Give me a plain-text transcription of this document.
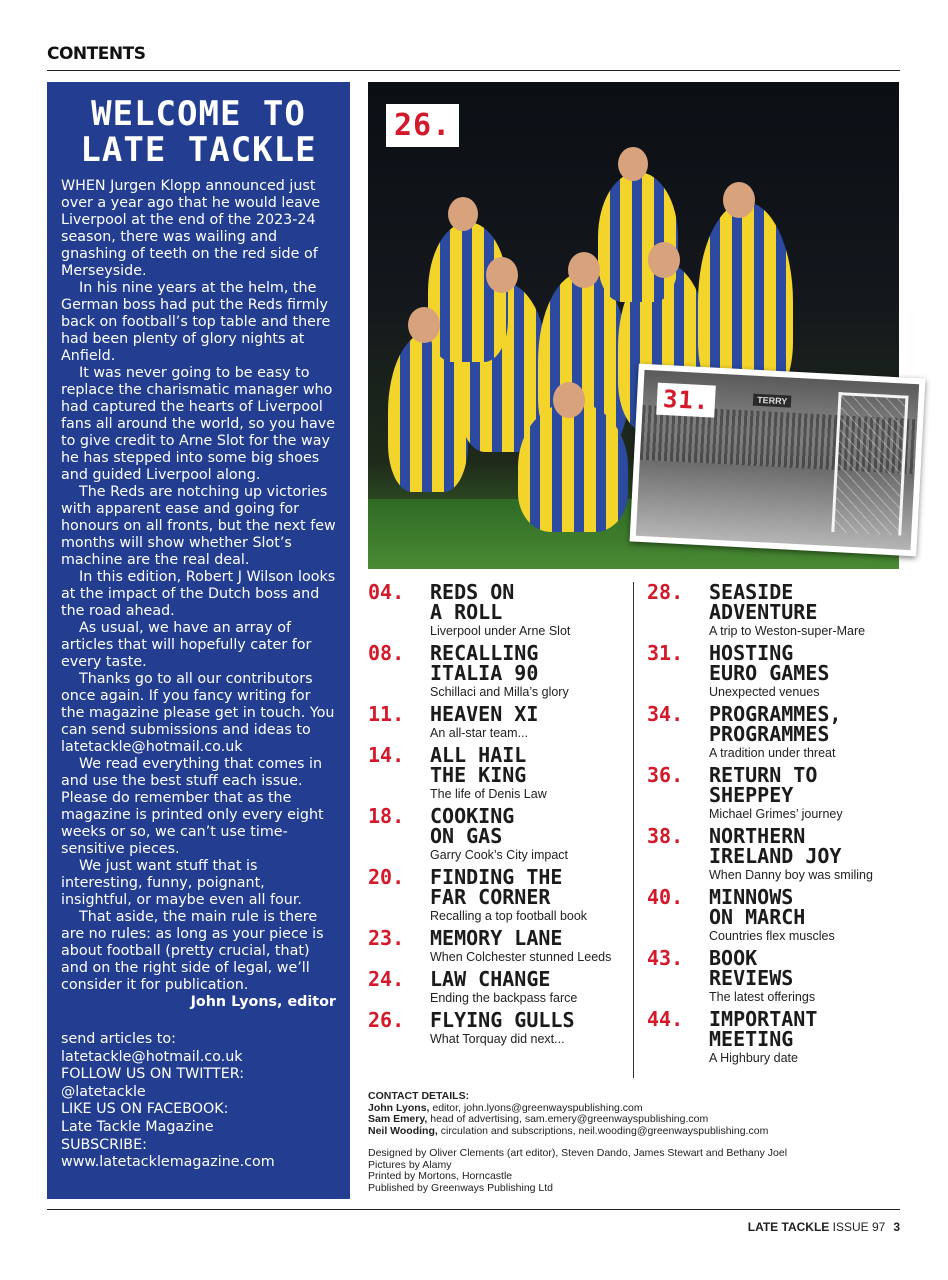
CONTENTS
WELCOME TO LATE TACKLE

WHEN Jurgen Klopp announced just over a year ago that he would leave Liverpool at the end of the 2023-24 season, there was wailing and gnashing of teeth on the red side of Merseyside.

In his nine years at the helm, the German boss had put the Reds firmly back on football’s top table and there had been plenty of glory nights at Anfield.

It was never going to be easy to replace the charismatic manager who had captured the hearts of Liverpool fans all around the world, so you have to give credit to Arne Slot for the way he has stepped into some big shoes and guided Liverpool along.

The Reds are notching up victories with apparent ease and going for honours on all fronts, but the next few months will show whether Slot’s machine are the real deal.

In this edition, Robert J Wilson looks at the impact of the Dutch boss and the road ahead.

As usual, we have an array of articles that will hopefully cater for every taste.

Thanks go to all our contributors once again. If you fancy writing for the magazine please get in touch. You can send submissions and ideas to latetackle@hotmail.co.uk

We read everything that comes in and use the best stuff each issue. Please do remember that as the magazine is printed only every eight weeks or so, we can’t use time-sensitive pieces.

We just want stuff that is interesting, funny, poignant, insightful, or maybe even all four.

That aside, the main rule is there are no rules: as long as your piece is about football (pretty crucial, that) and on the right side of legal, we’ll consider it for publication.

John Lyons, editor
send articles to:
latetackle@hotmail.co.uk
FOLLOW US ON TWITTER:
@latetackle
LIKE US ON FACEBOOK:
Late Tackle Magazine
SUBSCRIBE:
www.latetacklemagazine.com
26.
TERRY
31.
04. REDS ON
A ROLL
Liverpool under Arne Slot
08. RECALLING
ITALIA 90
Schillaci and Milla’s glory
11. HEAVEN XI
An all-star team...
14. ALL HAIL
THE KING
The life of Denis Law
18. COOKING
ON GAS
Garry Cook’s City impact
20. FINDING THE
FAR CORNER
Recalling a top football book
23. MEMORY LANE
When Colchester stunned Leeds
24. LAW CHANGE
Ending the backpass farce
26. FLYING GULLS
What Torquay did next...
28. SEASIDE
ADVENTURE
A trip to Weston-super-Mare
31. HOSTING
EURO GAMES
Unexpected venues
34. PROGRAMMES,
PROGRAMMES
A tradition under threat
36. RETURN TO
SHEPPEY
Michael Grimes’ journey
38. NORTHERN
IRELAND JOY
When Danny boy was smiling
40. MINNOWS
ON MARCH
Countries flex muscles
43. BOOK
REVIEWS
The latest offerings
44. IMPORTANT
MEETING
A Highbury date
CONTACT DETAILS:
John Lyons, editor, john.lyons@greenwayspublishing.com
Sam Emery, head of advertising, sam.emery@greenwayspublishing.com
Neil Wooding, circulation and subscriptions, neil.wooding@greenwayspublishing.com
Designed by Oliver Clements (art editor), Steven Dando, James Stewart and Bethany Joel
Pictures by Alamy
Printed by Mortons, Horncastle
Published by Greenways Publishing Ltd
LATE TACKLE ISSUE 97 3
